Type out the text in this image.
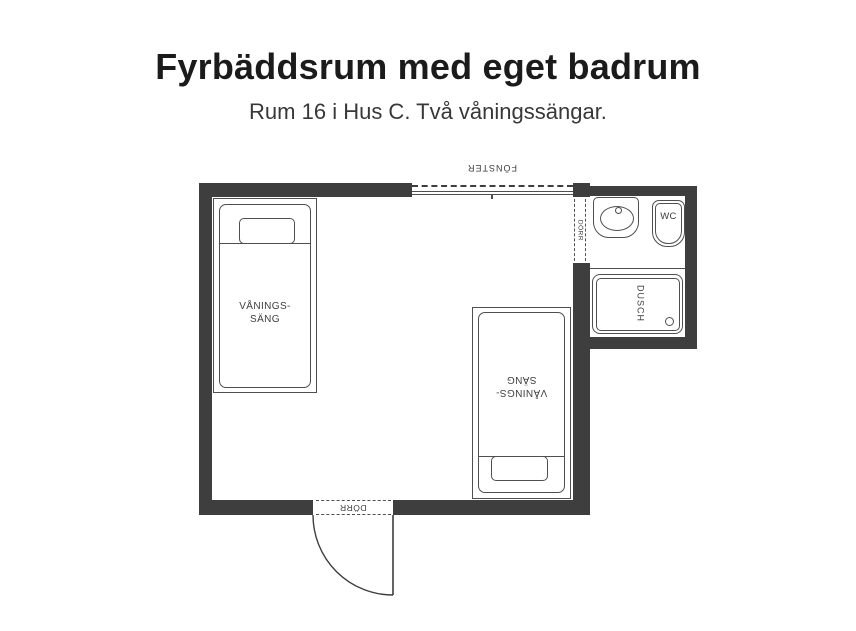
Fyrbäddsrum med eget badrum
Rum 16 i Hus C. Två våningssängar.
FÖNSTER
DÖRR
DÖRR
VÅNINGS-
SÄNG
VÅNINGS-
SÄNG
WC
DUSCH
